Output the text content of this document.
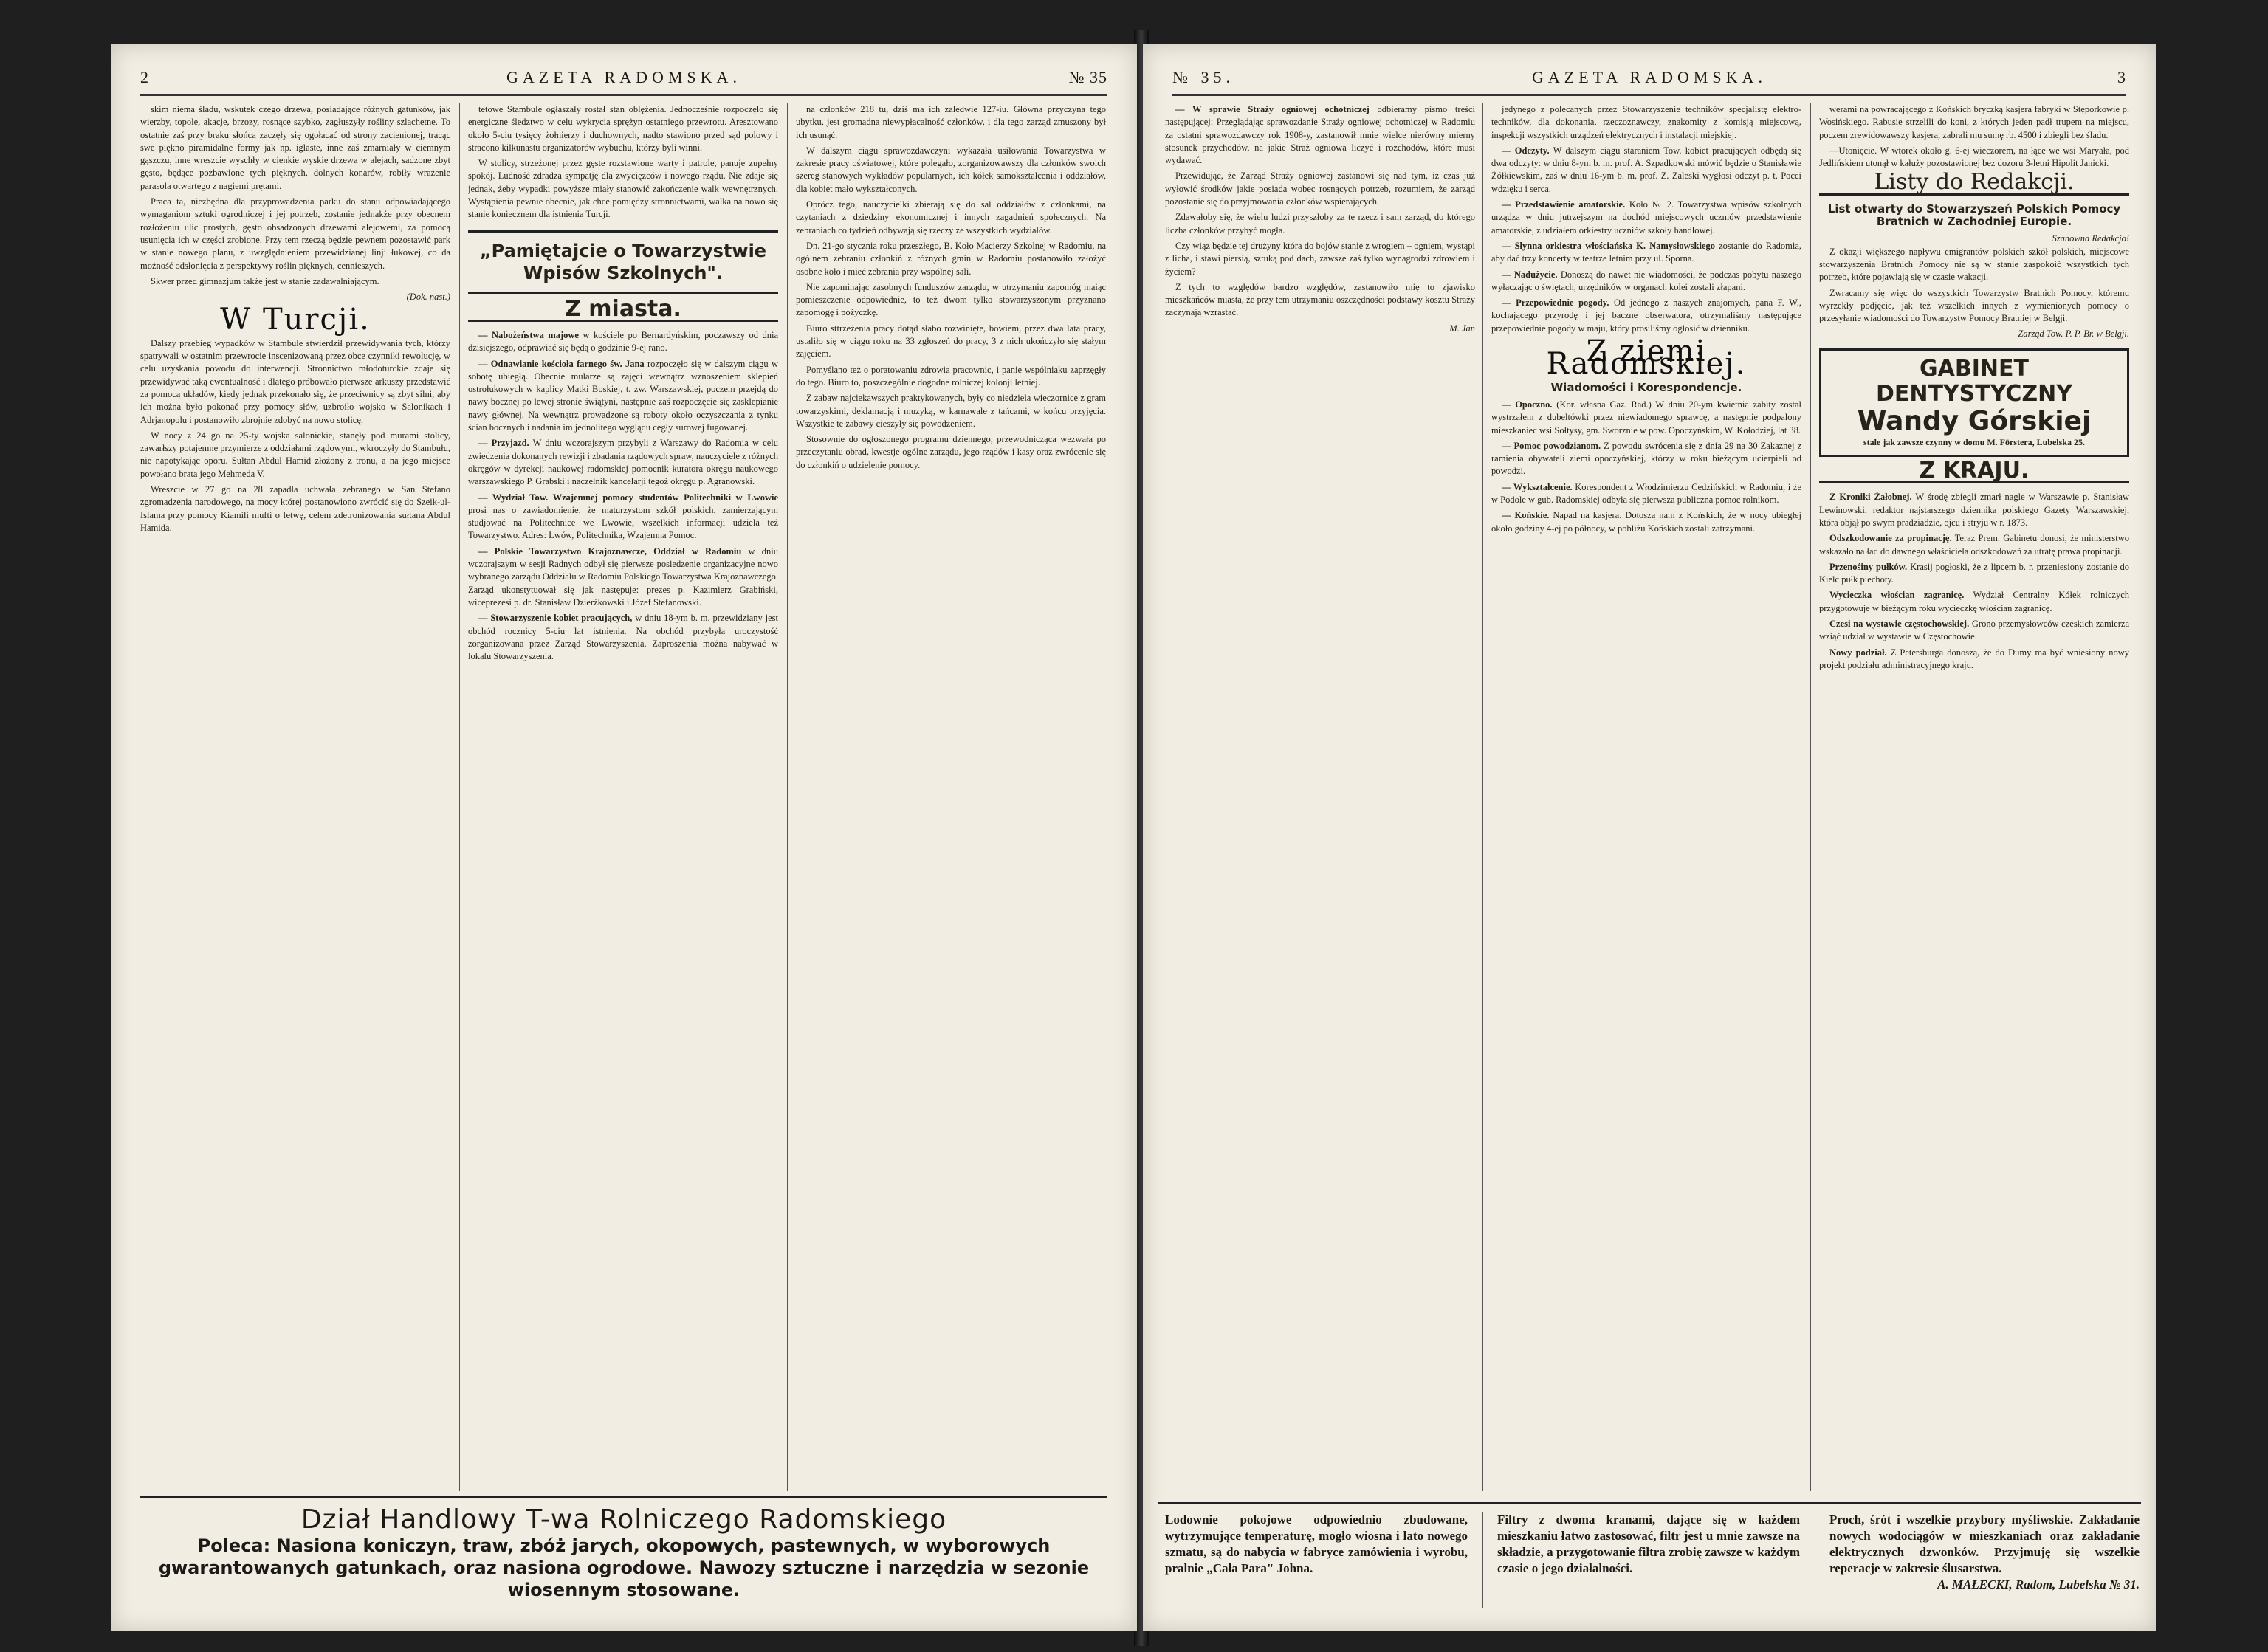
2	GAZETA RADOMSKA.	№ 35

skim niema śladu, wskutek czego drzewa, posiadające różnych gatunków, jak wierzby, topole, akacje, brzozy, rosnące szybko, zagłuszyły rośliny szlachetne. To ostatnie zaś przy braku słońca zaczęły się ogołacać od strony zacienionej, tracąc swe piękno piramidalne formy jak np. iglaste, inne zaś zmarniały w ciemnym gąszczu, inne wreszcie wyschły w cienkie wyskie drzewa w alejach, sadzone zbyt gęsto, będące pozbawione tych pięknych, dolnych konarów, robiły wrażenie parasola otwartego z nagiemi prętami.

Praca ta, niezbędna dla przyprowadzenia parku do stanu odpowiadającego wymaganiom sztuki ogrodniczej i jej potrzeb, zostanie jednakże przy obecnem rozłożeniu ulic prostych, gęsto obsadzonych drzewami alejowemi, za pomocą usunięcia ich w części zrobione. Przy tem rzeczą będzie pewnem pozostawić park w stanie nowego planu, z uwzględnieniem przewidzianej linji łukowej, co da możność odsłonięcia z perspektywy roślin pięknych, cennieszych.

Skwer przed gimnazjum także jest w stanie zadawalniającym.

(Dok. nast.)
W Turcji.

Dalszy przebieg wypadków w Stambule stwierdził przewidywania tych, którzy spatrywali w ostatnim przewrocie inscenizowaną przez obce czynniki rewolucję, w celu uzyskania powodu do interwencji. Stronnictwo młodoturckie zdaje się przewidywać taką ewentualność i dlatego próbowało pierwsze arkuszy przedstawić za pomocą układów, kiedy jednak przekonało się, że przeciwnicy są zbyt silni, aby ich można było pokonać przy pomocy słów, uzbroiło wojsko w Salonikach i Adrjanopolu i postanowiło zbrojnie zdobyć na nowo stolicę.

W nocy z 24 go na 25-ty wojska salonickie, stanęły pod murami stolicy, zawarłszy potajemne przymierze z oddziałami rządowymi, wkroczyły do Stambułu, nie napotykając oporu. Sułtan Abdul Hamid złożony z tronu, a na jego miejsce powołano brata jego Mehmeda V.

Wreszcie w 27 go na 28 zapadła uchwała zebranego w San Stefano zgromadzenia narodowego, na mocy której postanowiono zwrócić się do Szeik-ul-Islama przy pomocy Kiamili mufti o fetwę, celem zdetronizowania sułtana Abdul Hamida.

tetowe Stambule ogłaszały rostał stan oblężenia. Jednocześnie rozpoczęło się energiczne śledztwo w celu wykrycia sprężyn ostatniego przewrotu. Aresztowano około 5-ciu tysięcy żołnierzy i duchownych, nadto stawiono przed sąd polowy i stracono kilkunastu organizatorów wybuchu, którzy byli winni.

W stolicy, strzeżonej przez gęste rozstawione warty i patrole, panuje zupełny spokój. Ludność zdradza sympatję dla zwycięzców i nowego rządu. Nie zdaje się jednak, żeby wypadki powyższe miały stanowić zakończenie walk wewnętrznych. Wystąpienia pewnie obecnie, jak chce pomiędzy stronnictwami, walka na nowo się stanie koniecznem dla istnienia Turcji.

„Pamiętajcie o Towarzystwie Wpisów Szkolnych".
Z miasta.

— Nabożeństwa majowe w kościele po Bernardyńskim, poczawszy od dnia dzisiejszego, odprawiać się będą o godzinie 9-ej rano.

— Odnawianie kościoła farnego św. Jana rozpoczęło się w dalszym ciągu w sobotę ubiegłą. Obecnie mularze są zajęci wewnątrz wznoszeniem sklepień ostrołukowych w kaplicy Matki Boskiej, t. zw. Warszawskiej, poczem przejdą do nawy bocznej po lewej stronie świątyni, następnie zaś rozpoczęcie się zasklepianie nawy głównej. Na wewnątrz prowadzone są roboty około oczyszczania z tynku ścian bocznych i nadania im jednolitego wyglądu cegły surowej fugowanej.

— Przyjazd. W dniu wczorajszym przybyli z Warszawy do Radomia w celu zwiedzenia dokonanych rewizji i zbadania rządowych spraw, nauczyciele z różnych okręgów w dyrekcji naukowej radomskiej pomocnik kuratora okręgu naukowego warszawskiego P. Grabski i naczelnik kancelarji tegoż okręgu p. Agranowski.

— Wydział Tow. Wzajemnej pomocy studentów Politechniki w Lwowie prosi nas o zawiadomienie, że maturzystom szkół polskich, zamierzającym studjować na Politechnice we Lwowie, wszelkich informacji udziela też Towarzystwo. Adres: Lwów, Politechnika, Wzajemna Pomoc.

— Polskie Towarzystwo Krajoznawcze, Oddział w Radomiu w dniu wczorajszym w sesji Radnych odbył się pierwsze posiedzenie organizacyjne nowo wybranego zarządu Oddziału w Radomiu Polskiego Towarzystwa Krajoznawczego. Zarząd ukonstytuował się jak następuje: prezes p. Kazimierz Grabiński, wiceprezesi p. dr. Stanisław Dzierżkowski i Józef Stefanowski.

— Stowarzyszenie kobiet pracujących, w dniu 18-ym b. m. przewidziany jest obchód rocznicy 5-ciu lat istnienia. Na obchód przybyła uroczystość zorganizowana przez Zarząd Stowarzyszenia. Zaproszenia można nabywać w lokalu Stowarzyszenia.

na członków 218 tu, dziś ma ich zaledwie 127-iu. Główna przyczyna tego ubytku, jest gromadna niewypłacalność członków, i dla tego zarząd zmuszony był ich usunąć.

W dalszym ciągu sprawozdawczyni wykazała usiłowania Towarzystwa w zakresie pracy oświatowej, które polegało, zorganizowawszy dla członków swoich szereg stanowych wykładów popularnych, ich kółek samokształcenia i oddziałów, dla kobiet mało wykształconych.

Oprócz tego, nauczycielki zbierają się do sal oddziałów z członkami, na czytaniach z dziedziny ekonomicznej i innych zagadnień społecznych. Na zebraniach co tydzień odbywają się rzeczy ze wszystkich wydziałów.

Dn. 21-go stycznia roku przeszłego, B. Koło Macierzy Szkolnej w Radomiu, na ogólnem zebraniu członkiń z różnych gmin w Radomiu postanowiło założyć osobne koło i mieć zebrania przy wspólnej sali.

Nie zapominając zasobnych funduszów zarządu, w utrzymaniu zapomóg maiąc pomieszczenie odpowiednie, to też dwom tylko stowarzyszonym przyznano zapomogę i pożyczkę.

Biuro sttrzeżenia pracy dotąd słabo rozwinięte, bowiem, przez dwa lata pracy, ustaliło się w ciągu roku na 33 zgłoszeń do pracy, 3 z nich ukończyło się stałym zajęciem.

Pomyślano też o poratowaniu zdrowia pracownic, i panie wspólniaku zaprzęgły do tego. Biuro to, poszczególnie dogodne rolniczej kolonji letniej.

Z zabaw najciekawszych praktykowanych, były co niedziela wieczornice z gram towarzyskimi, deklamacją i muzyką, w karnawale z tańcami, w końcu przyjęcia. Wszystkie te zabawy cieszyły się powodzeniem.

Stosownie do ogłoszonego programu dziennego, przewodnicząca wezwała po przeczytaniu obrad, kwestje ogólne zarządu, jego rządów i kasy oraz zwrócenie się do członkiń o udzielenie pomocy.

Dział Handlowy T-wa Rolniczego Radomskiego
Poleca: Nasiona koniczyn, traw, zbóż jarych, okopowych, pastewnych, w wyborowych gwarantowanych gatunkach, oraz nasiona ogrodowe. Nawozy sztuczne i narzędzia w sezonie wiosennym stosowane.
№ 35.	GAZETA RADOMSKA.	3

— W sprawie Straży ogniowej ochotniczej odbieramy pismo treści następującej: Przeglądając sprawozdanie Straży ogniowej ochotniczej w Radomiu za ostatni sprawozdawczy rok 1908-y, zastanowił mnie wielce nierówny mierny stosunek przychodów, na jakie Straż ogniowa liczyć i rozchodów, które musi wydawać.

Przewidując, że Zarząd Straży ogniowej zastanowi się nad tym, iż czas już wyłowić środków jakie posiada wobec rosnących potrzeb, rozumiem, że zarząd pozostanie się do przyjmowania członków wspierających.

Zdawałoby się, że wielu ludzi przyszłoby za te rzecz i sam zarząd, do którego liczba członków przybyć mogła.

Czy wiąz będzie tej drużyny która do bojów stanie z wrogiem – ogniem, wystąpi z licha, i stawi piersią, sztuką pod dach, zawsze zaś tylko wynagrodzi zdrowiem i życiem?

Z tych to względów bardzo względów, zastanowiło mię to zjawisko mieszkańców miasta, że przy tem utrzymaniu oszczędności podstawy kosztu Straży zaczynają wzrastać.

M. Jan

jedynego z polecanych przez Stowarzyszenie techników specjalistę elektro-techników, dla dokonania, rzeczoznawczy, znakomity z komisją miejscową, inspekcji wszystkich urządzeń elektrycznych i instalacji miejskiej.

— Odczyty. W dalszym ciągu staraniem Tow. kobiet pracujących odbędą się dwa odczyty: w dniu 8-ym b. m. prof. A. Szpadkowski mówić będzie o Stanisławie Żółkiewskim, zaś w dniu 16-ym b. m. prof. Z. Zaleski wygłosi odczyt p. t. Pocci wdzięku i serca.

— Przedstawienie amatorskie. Koło № 2. Towarzystwa wpisów szkolnych urządza w dniu jutrzejszym na dochód miejscowych uczniów przedstawienie amatorskie, z udziałem orkiestry uczniów szkoły handlowej.

— Słynna orkiestra włościańska K. Namysłowskiego zostanie do Radomia, aby dać trzy koncerty w teatrze letnim przy ul. Sporna.

— Nadużycie. Donoszą do nawet nie wiadomości, że podczas pobytu naszego wyłączając o świętach, urzędników w organach kolei zostali złapani.

— Przepowiednie pogody. Od jednego z naszych znajomych, pana F. W., kochającego przyrodę i jej baczne obserwatora, otrzymaliśmy następujące przepowiednie pogody w maju, który prosiliśmy ogłosić w dzienniku.

Z ziemi Radomskiej.
Wiadomości i Korespondencje.

— Opoczno. (Kor. własna Gaz. Rad.) W dniu 20-ym kwietnia zabity został wystrzałem z dubeltówki przez niewiadomego sprawcę, a następnie podpalony mieszkaniec wsi Sołtysy, gm. Sworznie w pow. Opoczyńskim, W. Kołodziej, lat 38.

— Pomoc powodzianom. Z powodu swrócenia się z dnia 29 na 30 Zakaznej z ramienia obywateli ziemi opoczyńskiej, którzy w roku bieżącym ucierpieli od powodzi.

— Wykształcenie. Korespondent z Włodzimierzu Cedzińskich w Radomiu, i że w Podole w gub. Radomskiej odbyła się pierwsza publiczna pomoc rolnikom.

— Końskie. Napad na kasjera. Dotoszą nam z Końskich, że w nocy ubiegłej około godziny 4-ej po północy, w pobliżu Końskich zostali zatrzymani.

werami na powracającego z Końskich bryczką kasjera fabryki w Stęporkowie p. Wosińskiego. Rabusie strzelili do koni, z których jeden padł trupem na miejscu, poczem zrewidowawszy kasjera, zabrali mu sumę rb. 4500 i zbiegli bez śladu.

—Utonięcie. W wtorek około g. 6-ej wieczorem, na łące we wsi Maryała, pod Jedlińskiem utonął w kałuży pozostawionej bez dozoru 3-letni Hipolit Janicki.

Listy do Redakcji.
List otwarty do Stowarzyszeń Polskich Pomocy Bratnich w Zachodniej Europie.
Szanowna Redakcjo!

Z okazji większego napływu emigrantów polskich szkół polskich, miejscowe stowarzyszenia Bratnich Pomocy nie są w stanie zaspokoić wszystkich tych potrzeb, które pojawiają się w czasie wakacji.

Zwracamy się więc do wszystkich Towarzystw Bratnich Pomocy, któremu wyrzekły podjęcie, jak też wszelkich innych z wymienionych pomocy o przesyłanie wiadomości do Towarzystw Pomocy Bratniej w Belgji.

Zarząd Tow. P. P. Br. w Belgji.
GABINET DENTYSTYCZNY
Wandy Górskiej
stale jak zawsze czynny w domu M. Förstera, Lubelska 25.
Z KRAJU.

Z Kroniki Żałobnej. W środę zbiegli zmarł nagle w Warszawie p. Stanisław Lewinowski, redaktor najstarszego dziennika polskiego Gazety Warszawskiej, która objął po swym pradziadzie, ojcu i stryju w r. 1873.

Odszkodowanie za propinację. Teraz Prem. Gabinetu donosi, że ministerstwo wskazało na ład do dawnego właściciela odszkodowań za utratę prawa propinacji.

Przenośiny pułków. Krasij pogłoski, że z lipcem b. r. przeniesiony zostanie do Kielc pułk piechoty.

Wycieczka włościan zagranicę. Wydział Centralny Kółek rolniczych przygotowuje w bieżącym roku wycieczkę włościan zagranicę.

Czesi na wystawie częstochowskiej. Grono przemysłowców czeskich zamierza wziąć udział w wystawie w Częstochowie.

Nowy podział. Z Petersburga donoszą, że do Dumy ma być wniesiony nowy projekt podziału administracyjnego kraju.

Lodownie pokojowe odpowiednio zbudowane, wytrzymujące temperaturę, mogło wiosna i lato nowego szmatu, są do nabycia w fabryce zamówienia i wyrobu, pralnie „Cała Para" Johna.
Filtry z dwoma kranami, dające się w każdem mieszkaniu łatwo zastosować, filtr jest u mnie zawsze na składzie, a przygotowanie filtra zrobię zawsze w każdym czasie o jego działalności.
Proch, śrót i wszelkie przybory myśliwskie. Zakładanie nowych wodociągów w mieszkaniach oraz zakładanie elektrycznych dzwonków. Przyjmuję się wszelkie reperacje w zakresie ślusarstwa.
A. MAŁECKI, Radom, Lubelska № 31.
